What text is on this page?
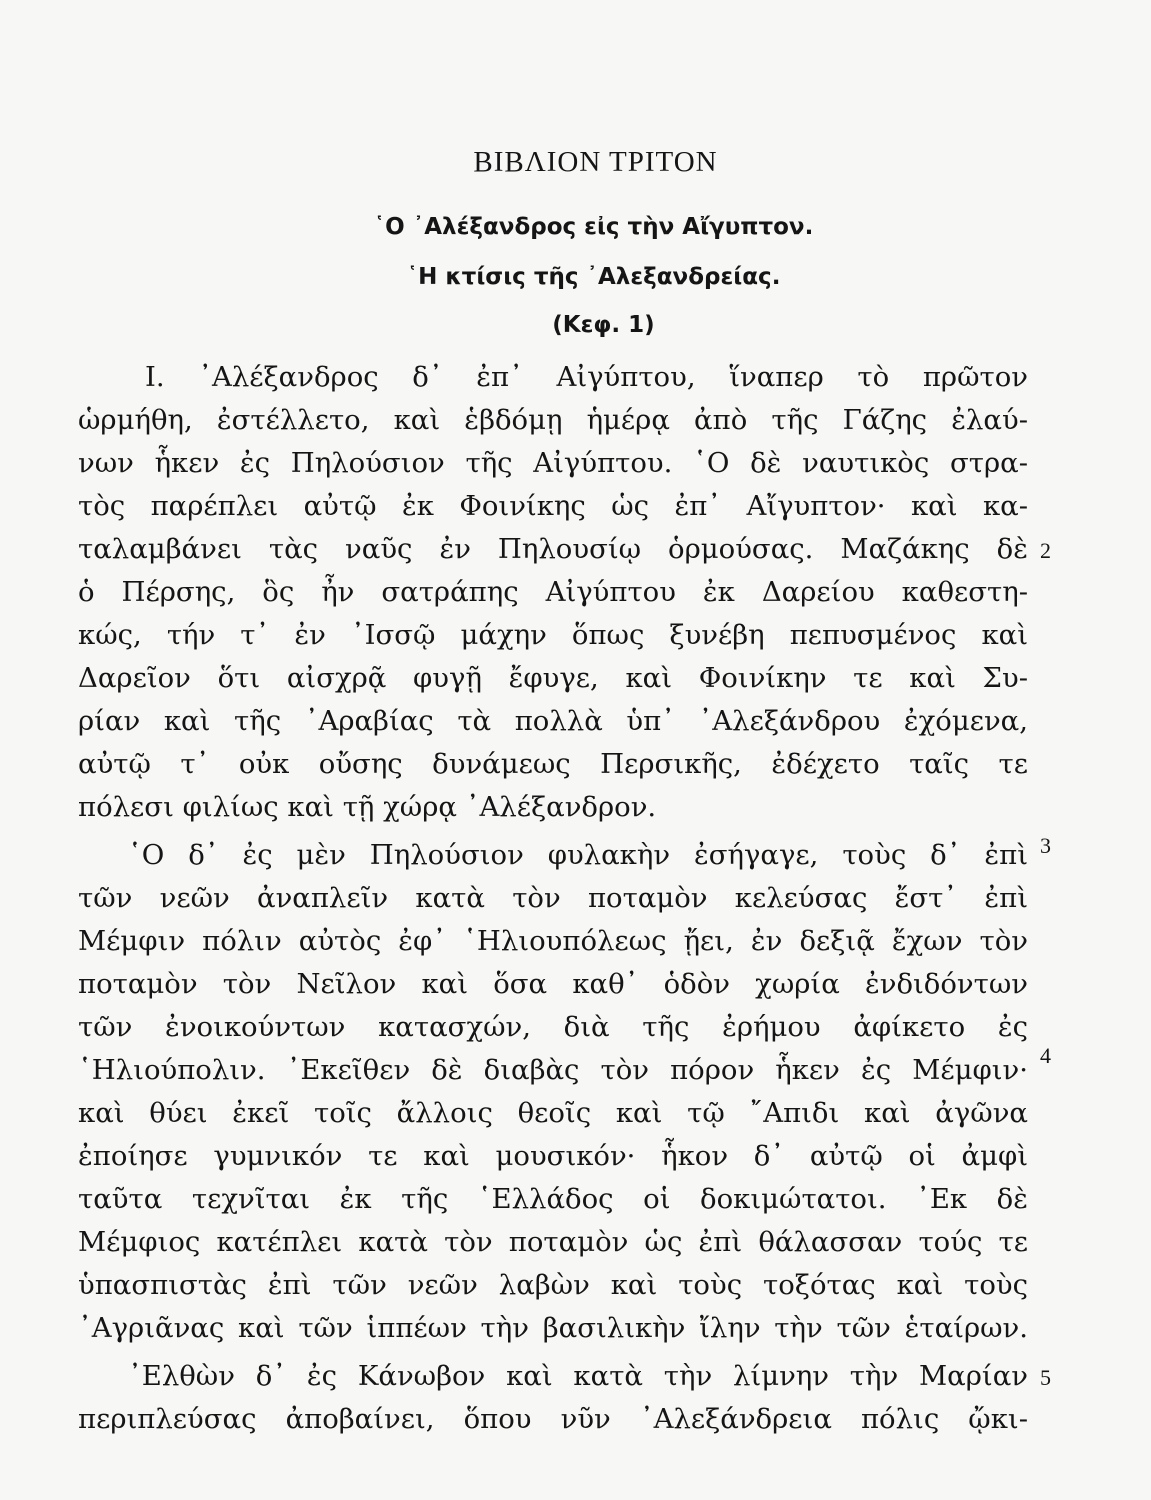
ΒΙΒΛΙΟΝ ΤΡΙΤΟΝ
῾Ο ᾿Αλέξανδρος εἰς τὴν Αἴγυπτον.
῾Η κτίσις τῆς ᾿Αλεξανδρείας.
(Κεφ. 1)
I. ᾿Αλέξανδρος δ᾿ ἐπ᾿ Αἰγύπτου, ἵναπερ τὸ πρῶτον
ὡρμήθη, ἐστέλλετο, καὶ ἑβδόμῃ ἡμέρᾳ ἀπὸ τῆς Γάζης ἐλαύ-
νων ἧκεν ἐς Πηλούσιον τῆς Αἰγύπτου. ῾Ο δὲ ναυτικὸς στρα-
τὸς παρέπλει αὐτῷ ἐκ Φοινίκης ὡς ἐπ᾿ Αἴγυπτον· καὶ κα-
ταλαμβάνει τὰς ναῦς ἐν Πηλουσίῳ ὁρμούσας. Μαζάκης δὲ
ὁ Πέρσης, ὃς ἦν σατράπης Αἰγύπτου ἐκ Δαρείου καθεστη-
κώς, τήν τ᾿ ἐν ᾿Ισσῷ μάχην ὅπως ξυνέβη πεπυσμένος καὶ
Δαρεῖον ὅτι αἰσχρᾷ φυγῇ ἔφυγε, καὶ Φοινίκην τε καὶ Συ-
ρίαν καὶ τῆς ᾿Αραβίας τὰ πολλὰ ὑπ᾿ ᾿Αλεξάνδρου ἐχόμενα,
αὐτῷ τ᾿ οὐκ οὔσης δυνάμεως Περσικῆς, ἐδέχετο ταῖς τε
πόλεσι φιλίως καὶ τῇ χώρᾳ ᾿Αλέξανδρον.
῾Ο δ᾿ ἐς μὲν Πηλούσιον φυλακὴν ἐσήγαγε, τοὺς δ᾿ ἐπὶ
τῶν νεῶν ἀναπλεῖν κατὰ τὸν ποταμὸν κελεύσας ἔστ᾿ ἐπὶ
Μέμφιν πόλιν αὐτὸς ἐφ᾿ ῾Ηλιουπόλεως ᾔει, ἐν δεξιᾷ ἔχων τὸν
ποταμὸν τὸν Νεῖλον καὶ ὅσα καθ᾿ ὁδὸν χωρία ἐνδιδόντων
τῶν ἐνοικούντων κατασχών, διὰ τῆς ἐρήμου ἀφίκετο ἐς
῾Ηλιούπολιν. ᾿Εκεῖθεν δὲ διαβὰς τὸν πόρον ἧκεν ἐς Μέμφιν·
καὶ θύει ἐκεῖ τοῖς ἄλλοις θεοῖς καὶ τῷ ῎Απιδι καὶ ἀγῶνα
ἐποίησε γυμνικόν τε καὶ μουσικόν· ἧκον δ᾿ αὐτῷ οἱ ἀμφὶ
ταῦτα τεχνῖται ἐκ τῆς ῾Ελλάδος οἱ δοκιμώτατοι. ᾿Εκ δὲ
Μέμφιος κατέπλει κατὰ τὸν ποταμὸν ὡς ἐπὶ θάλασσαν τούς τε
ὑπασπιστὰς ἐπὶ τῶν νεῶν λαβὼν καὶ τοὺς τοξότας καὶ τοὺς
᾿Αγριᾶνας καὶ τῶν ἱππέων τὴν βασιλικὴν ἴλην τὴν τῶν ἑταίρων.
᾿Ελθὼν δ᾿ ἐς Κάνωβον καὶ κατὰ τὴν λίμνην τὴν Μαρίαν
περιπλεύσας ἀποβαίνει, ὅπου νῦν ᾿Αλεξάνδρεια πόλις ᾤκι-
2
3
4
5
